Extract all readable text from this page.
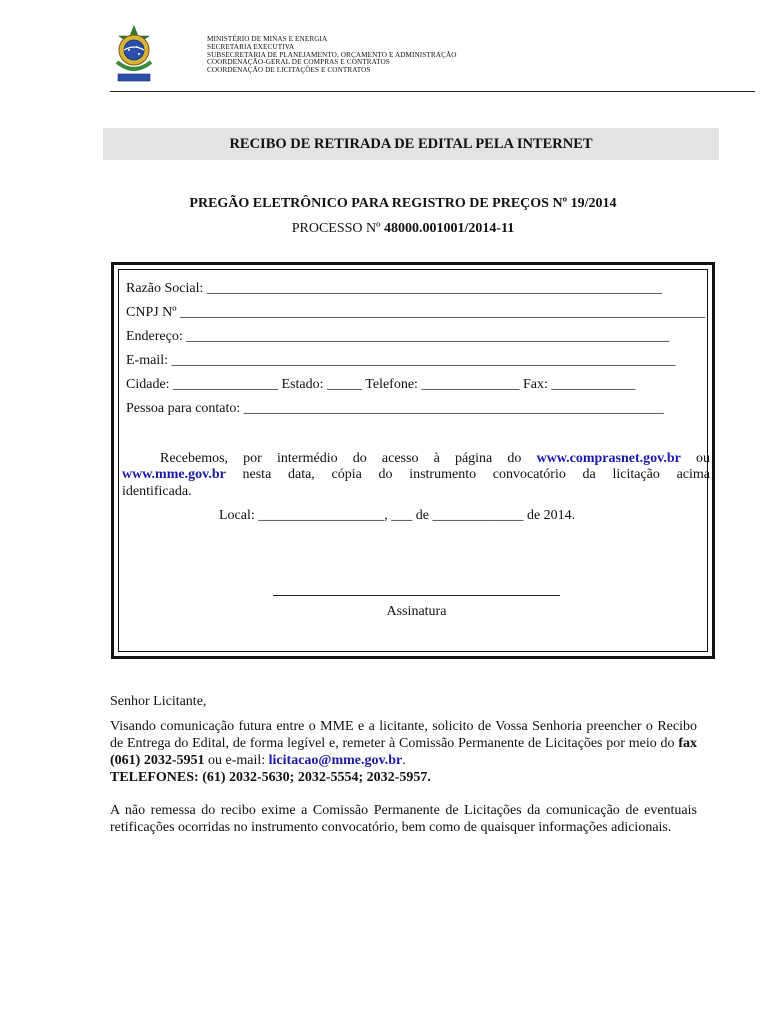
MINISTÉRIO DE MINAS E ENERGIA
SECRETARIA EXECUTIVA
SUBSECRETARIA DE PLANEJAMENTO, ORÇAMENTO E ADMINISTRAÇÃO
COORDENAÇÃO-GERAL DE COMPRAS E CONTRATOS
COORDENAÇÃO DE LICITAÇÕES E CONTRATOS
RECIBO DE RETIRADA DE EDITAL PELA INTERNET
PREGÃO ELETRÔNICO PARA REGISTRO DE PREÇOS Nº 19/2014
PROCESSO Nº 48000.001001/2014-11
Razão Social: _________________________________________________________________
CNPJ Nº ___________________________________________________________________________
Endereço: _____________________________________________________________________
E-mail: ________________________________________________________________________
Cidade: _______________ Estado: _____ Telefone: ______________ Fax: ____________
Pessoa para contato: ____________________________________________________________
Recebemos, por intermédio do acesso à página do www.comprasnet.gov.br ou
www.mme.gov.br nesta data, cópia do instrumento convocatório da licitação acima
identificada.
Local: __________________, ___ de _____________ de 2014.
Assinatura
Senhor Licitante,
Visando comunicação futura entre o MME e a licitante, solicito de Vossa Senhoria preencher o Recibo de Entrega do Edital, de forma legível e, remeter à Comissão Permanente de Licitações por meio do fax (061) 2032-5951 ou e-mail: licitacao@mme.gov.br.
TELEFONES: (61) 2032-5630; 2032-5554; 2032-5957.
A não remessa do recibo exime a Comissão Permanente de Licitações da comunicação de eventuais retificações ocorridas no instrumento convocatório, bem como de quaisquer informações adicionais.
